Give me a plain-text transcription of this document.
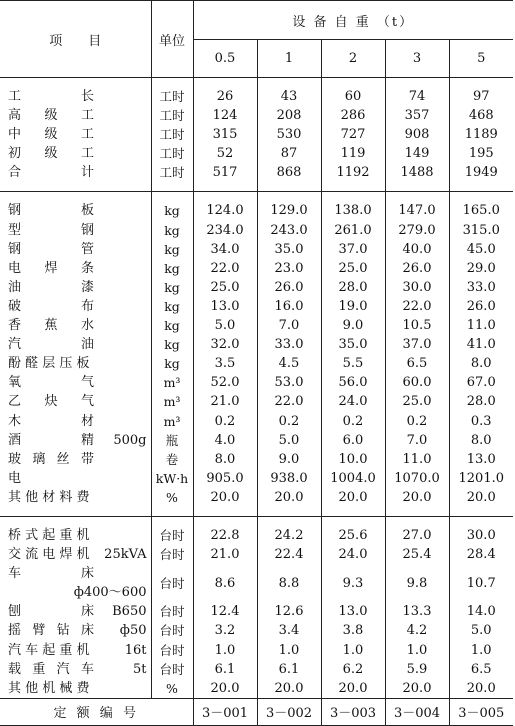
项　　目	单位	设 备 自 重 （t）				
		0.5	1	2	3	5

工 长	工时	26	43	60	74	97
高 级 工	工时	124	208	286	357	468
中 级 工	工时	315	530	727	908	1189
初 级 工	工时	52	87	119	149	195
合 计	工时	517	868	1192	1488	1949

钢 板	kg	124.0	129.0	138.0	147.0	165.0
型 钢	kg	234.0	243.0	261.0	279.0	315.0
钢 管	kg	34.0	35.0	37.0	40.0	45.0
电 焊 条	kg	22.0	23.0	25.0	26.0	29.0
油 漆	kg	25.0	26.0	28.0	30.0	33.0
破 布	kg	13.0	16.0	19.0	22.0	26.0
香 蕉 水	kg	5.0	7.0	9.0	10.5	11.0
汽 油	kg	32.0	33.0	35.0	37.0	41.0
酚 醛 层 压 板	kg	3.5	4.5	5.5	6.5	8.0
氧 气	m³	52.0	53.0	56.0	60.0	67.0
乙 炔 气	m³	21.0	22.0	24.0	25.0	28.0
木 材	m³	0.2	0.2	0.2	0.2	0.3
酒 精 500g	瓶	4.0	5.0	6.0	7.0	8.0
玻 璃 丝 带	卷	8.0	9.0	10.0	11.0	13.0
电	kW·h	905.0	938.0	1004.0	1070.0	1201.0
其 他 材 料 费	%	20.0	20.0	20.0	20.0	20.0

桥 式 起 重 机	台时	22.8	24.2	25.6	27.0	30.0
交 流 电 焊 机 25kVA	台时	21.0	22.4	24.0	25.4	28.4
车 床
ф400～600	台时	8.6	8.8	9.3	9.8	10.7
刨 床 B650	台时	12.4	12.6	13.0	13.3	14.0
摇 臂 钻 床 ф50	台时	3.2	3.4	3.8	4.2	5.0
汽 车 起 重 机 16t	台时	1.0	1.0	1.0	1.0	1.0
载 重 汽 车 5t	台时	6.1	6.1	6.2	5.9	6.5
其 他 机 械 费	%	20.0	20.0	20.0	20.0	20.0
定 额 编 号		3－001	3－002	3－003	3－004	3－005
